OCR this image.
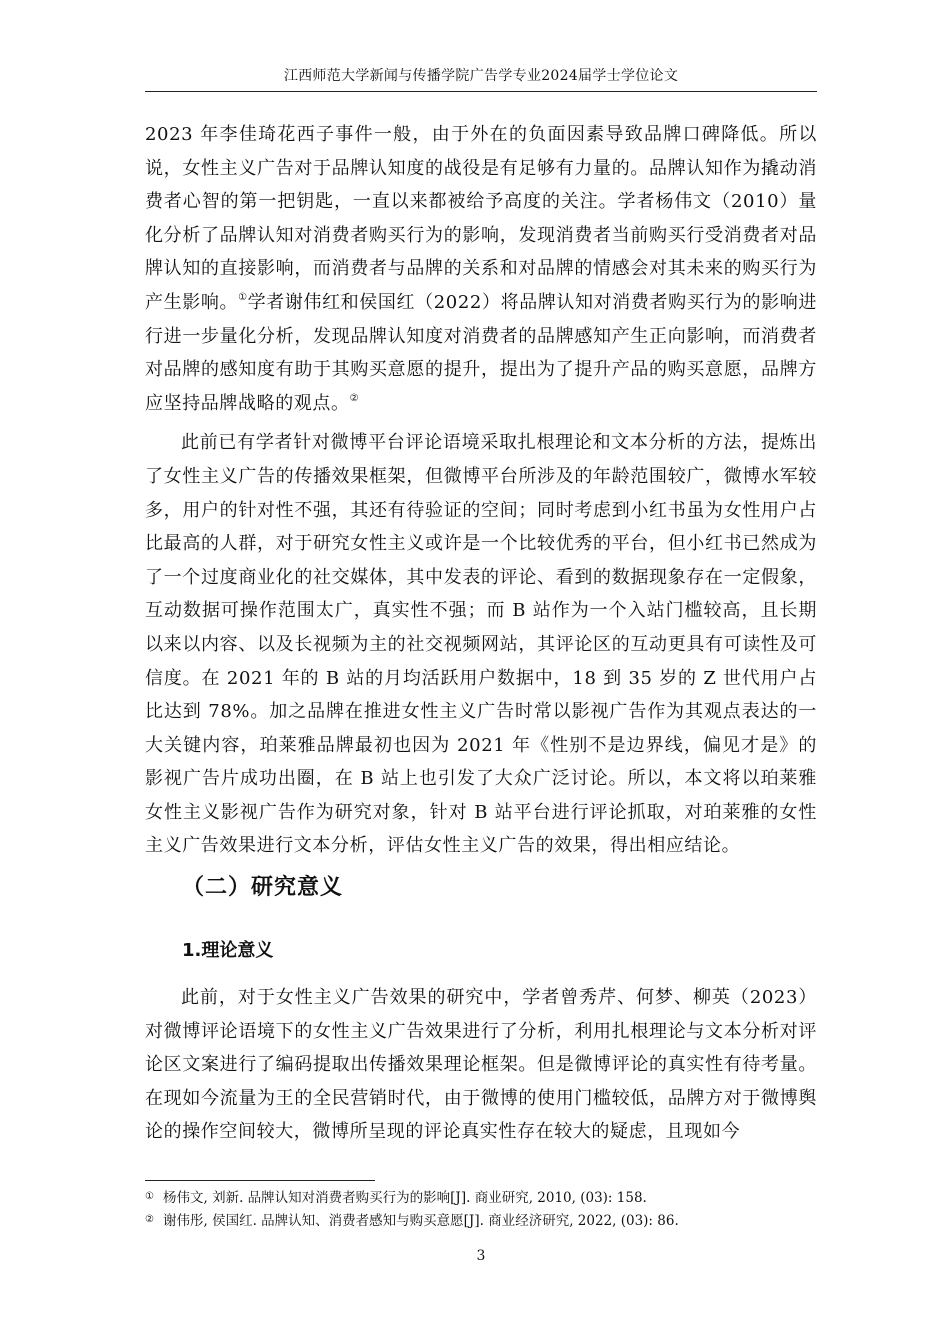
江西师范大学新闻与传播学院广告学专业2024届学士学位论文

2023 年李佳琦花西子事件一般，由于外在的负面因素导致品牌口碑降低。所以说，女性主义广告对于品牌认知度的战役是有足够有力量的。品牌认知作为撬动消费者心智的第一把钥匙，一直以来都被给予高度的关注。学者杨伟文（2010）量化分析了品牌认知对消费者购买行为的影响，发现消费者当前购买行受消费者对品牌认知的直接影响，而消费者与品牌的关系和对品牌的情感会对其未来的购买行为产生影响。①学者谢伟红和侯国红（2022）将品牌认知对消费者购买行为的影响进行进一步量化分析，发现品牌认知度对消费者的品牌感知产生正向影响，而消费者对品牌的感知度有助于其购买意愿的提升，提出为了提升产品的购买意愿，品牌方应坚持品牌战略的观点。②

此前已有学者针对微博平台评论语境采取扎根理论和文本分析的方法，提炼出了女性主义广告的传播效果框架，但微博平台所涉及的年龄范围较广，微博水军较多，用户的针对性不强，其还有待验证的空间；同时考虑到小红书虽为女性用户占比最高的人群，对于研究女性主义或许是一个比较优秀的平台，但小红书已然成为了一个过度商业化的社交媒体，其中发表的评论、看到的数据现象存在一定假象，互动数据可操作范围太广，真实性不强；而 B 站作为一个入站门槛较高，且长期以来以内容、以及长视频为主的社交视频网站，其评论区的互动更具有可读性及可信度。在 2021 年的 B 站的月均活跃用户数据中，18 到 35 岁的 Z 世代用户占比达到 78%。加之品牌在推进女性主义广告时常以影视广告作为其观点表达的一大关键内容，珀莱雅品牌最初也因为 2021 年《性别不是边界线，偏见才是》的影视广告片成功出圈，在 B 站上也引发了大众广泛讨论。所以，本文将以珀莱雅女性主义影视广告作为研究对象，针对 B 站平台进行评论抓取，对珀莱雅的女性主义广告效果进行文本分析，评估女性主义广告的效果，得出相应结论。

（二）研究意义
1.理论意义

此前，对于女性主义广告效果的研究中，学者曾秀芹、何梦、柳英（2023）对微博评论语境下的女性主义广告效果进行了分析，利用扎根理论与文本分析对评论区文案进行了编码提取出传播效果理论框架。但是微博评论的真实性有待考量。在现如今流量为王的全民营销时代，由于微博的使用门槛较低，品牌方对于微博舆论的操作空间较大，微博所呈现的评论真实性存在较大的疑虑，且现如今

① 杨伟文, 刘新. 品牌认知对消费者购买行为的影响[J]. 商业研究, 2010, (03): 158.
② 谢伟彤, 侯国红. 品牌认知、消费者感知与购买意愿[J]. 商业经济研究, 2022, (03): 86.
3
